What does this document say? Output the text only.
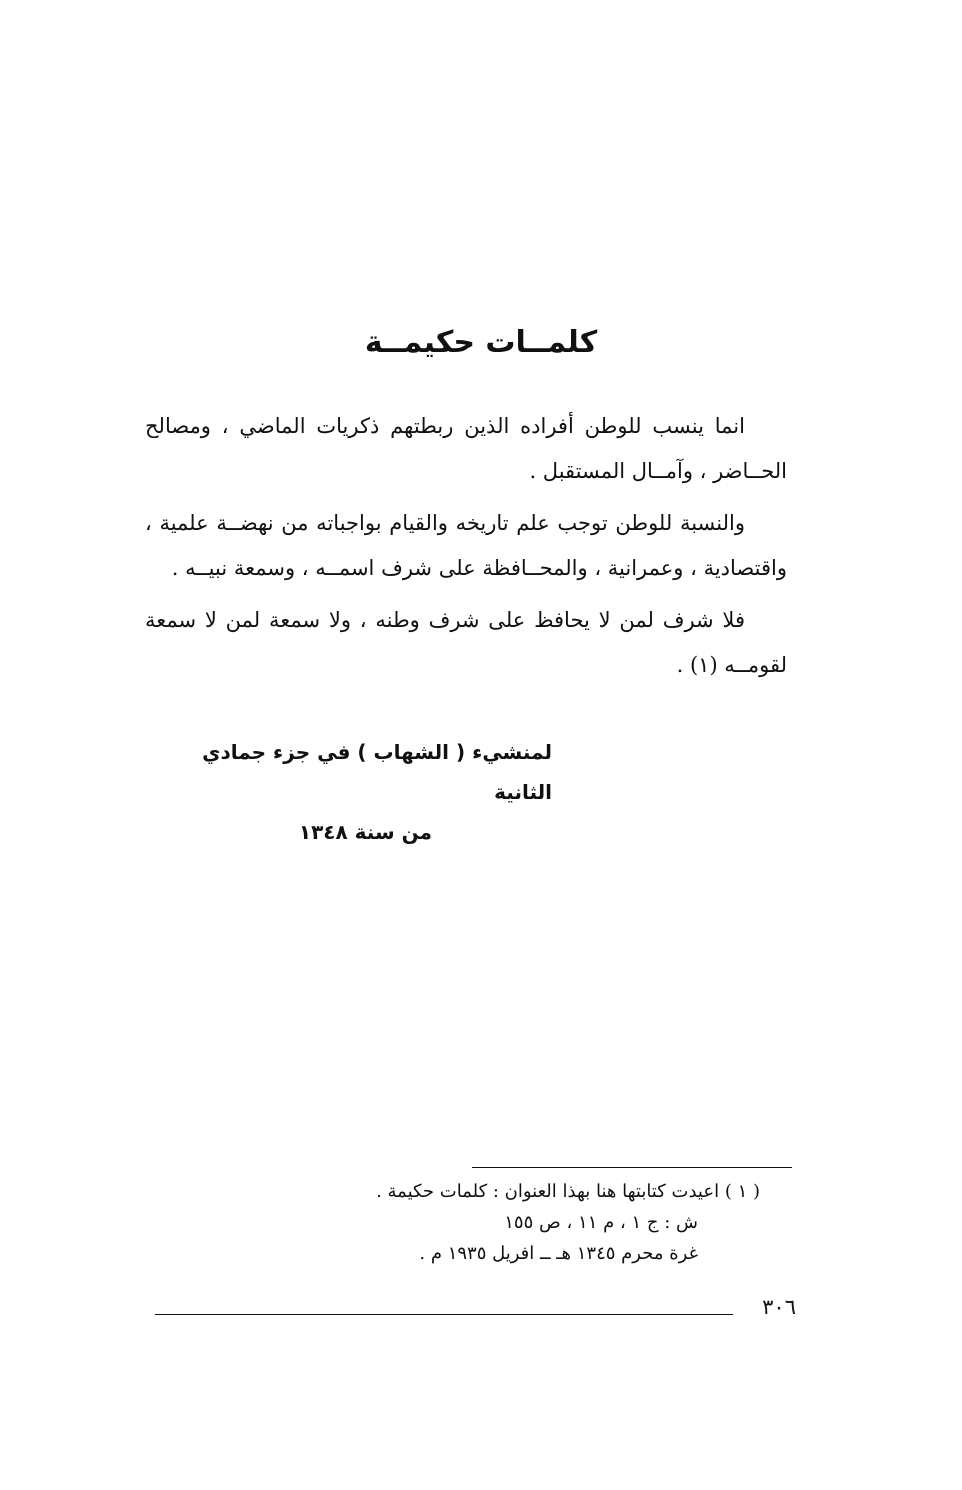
كلمــات حكيمــة

انما ينسب للوطن أفراده الذين ربطتهم ذكريات الماضي ، ومصالح الحــاضر ، وآمــال المستقبل .

والنسبة للوطن توجب علم تاريخه والقيام بواجباته من نهضــة علمية ، واقتصادية ، وعمرانية ، والمحــافظة على شرف اسمــه ، وسمعة نبيــه .

فلا شرف لمن لا يحافظ على شرف وطنه ، ولا سمعة لمن لا سمعة لقومــه (١) .

لمنشيء ( الشهاب ) في جزء جمادي الثانية
من سنة ١٣٤٨
( ١ ) اعيدت كتابتها هنا بهذا العنوان : كلمات حكيمة .
ش : ج ١ ، م ١١ ، ص ١٥٥
غرة محرم ١٣٤٥ هـ ــ افريل ١٩٣٥ م .
٣٠٦
